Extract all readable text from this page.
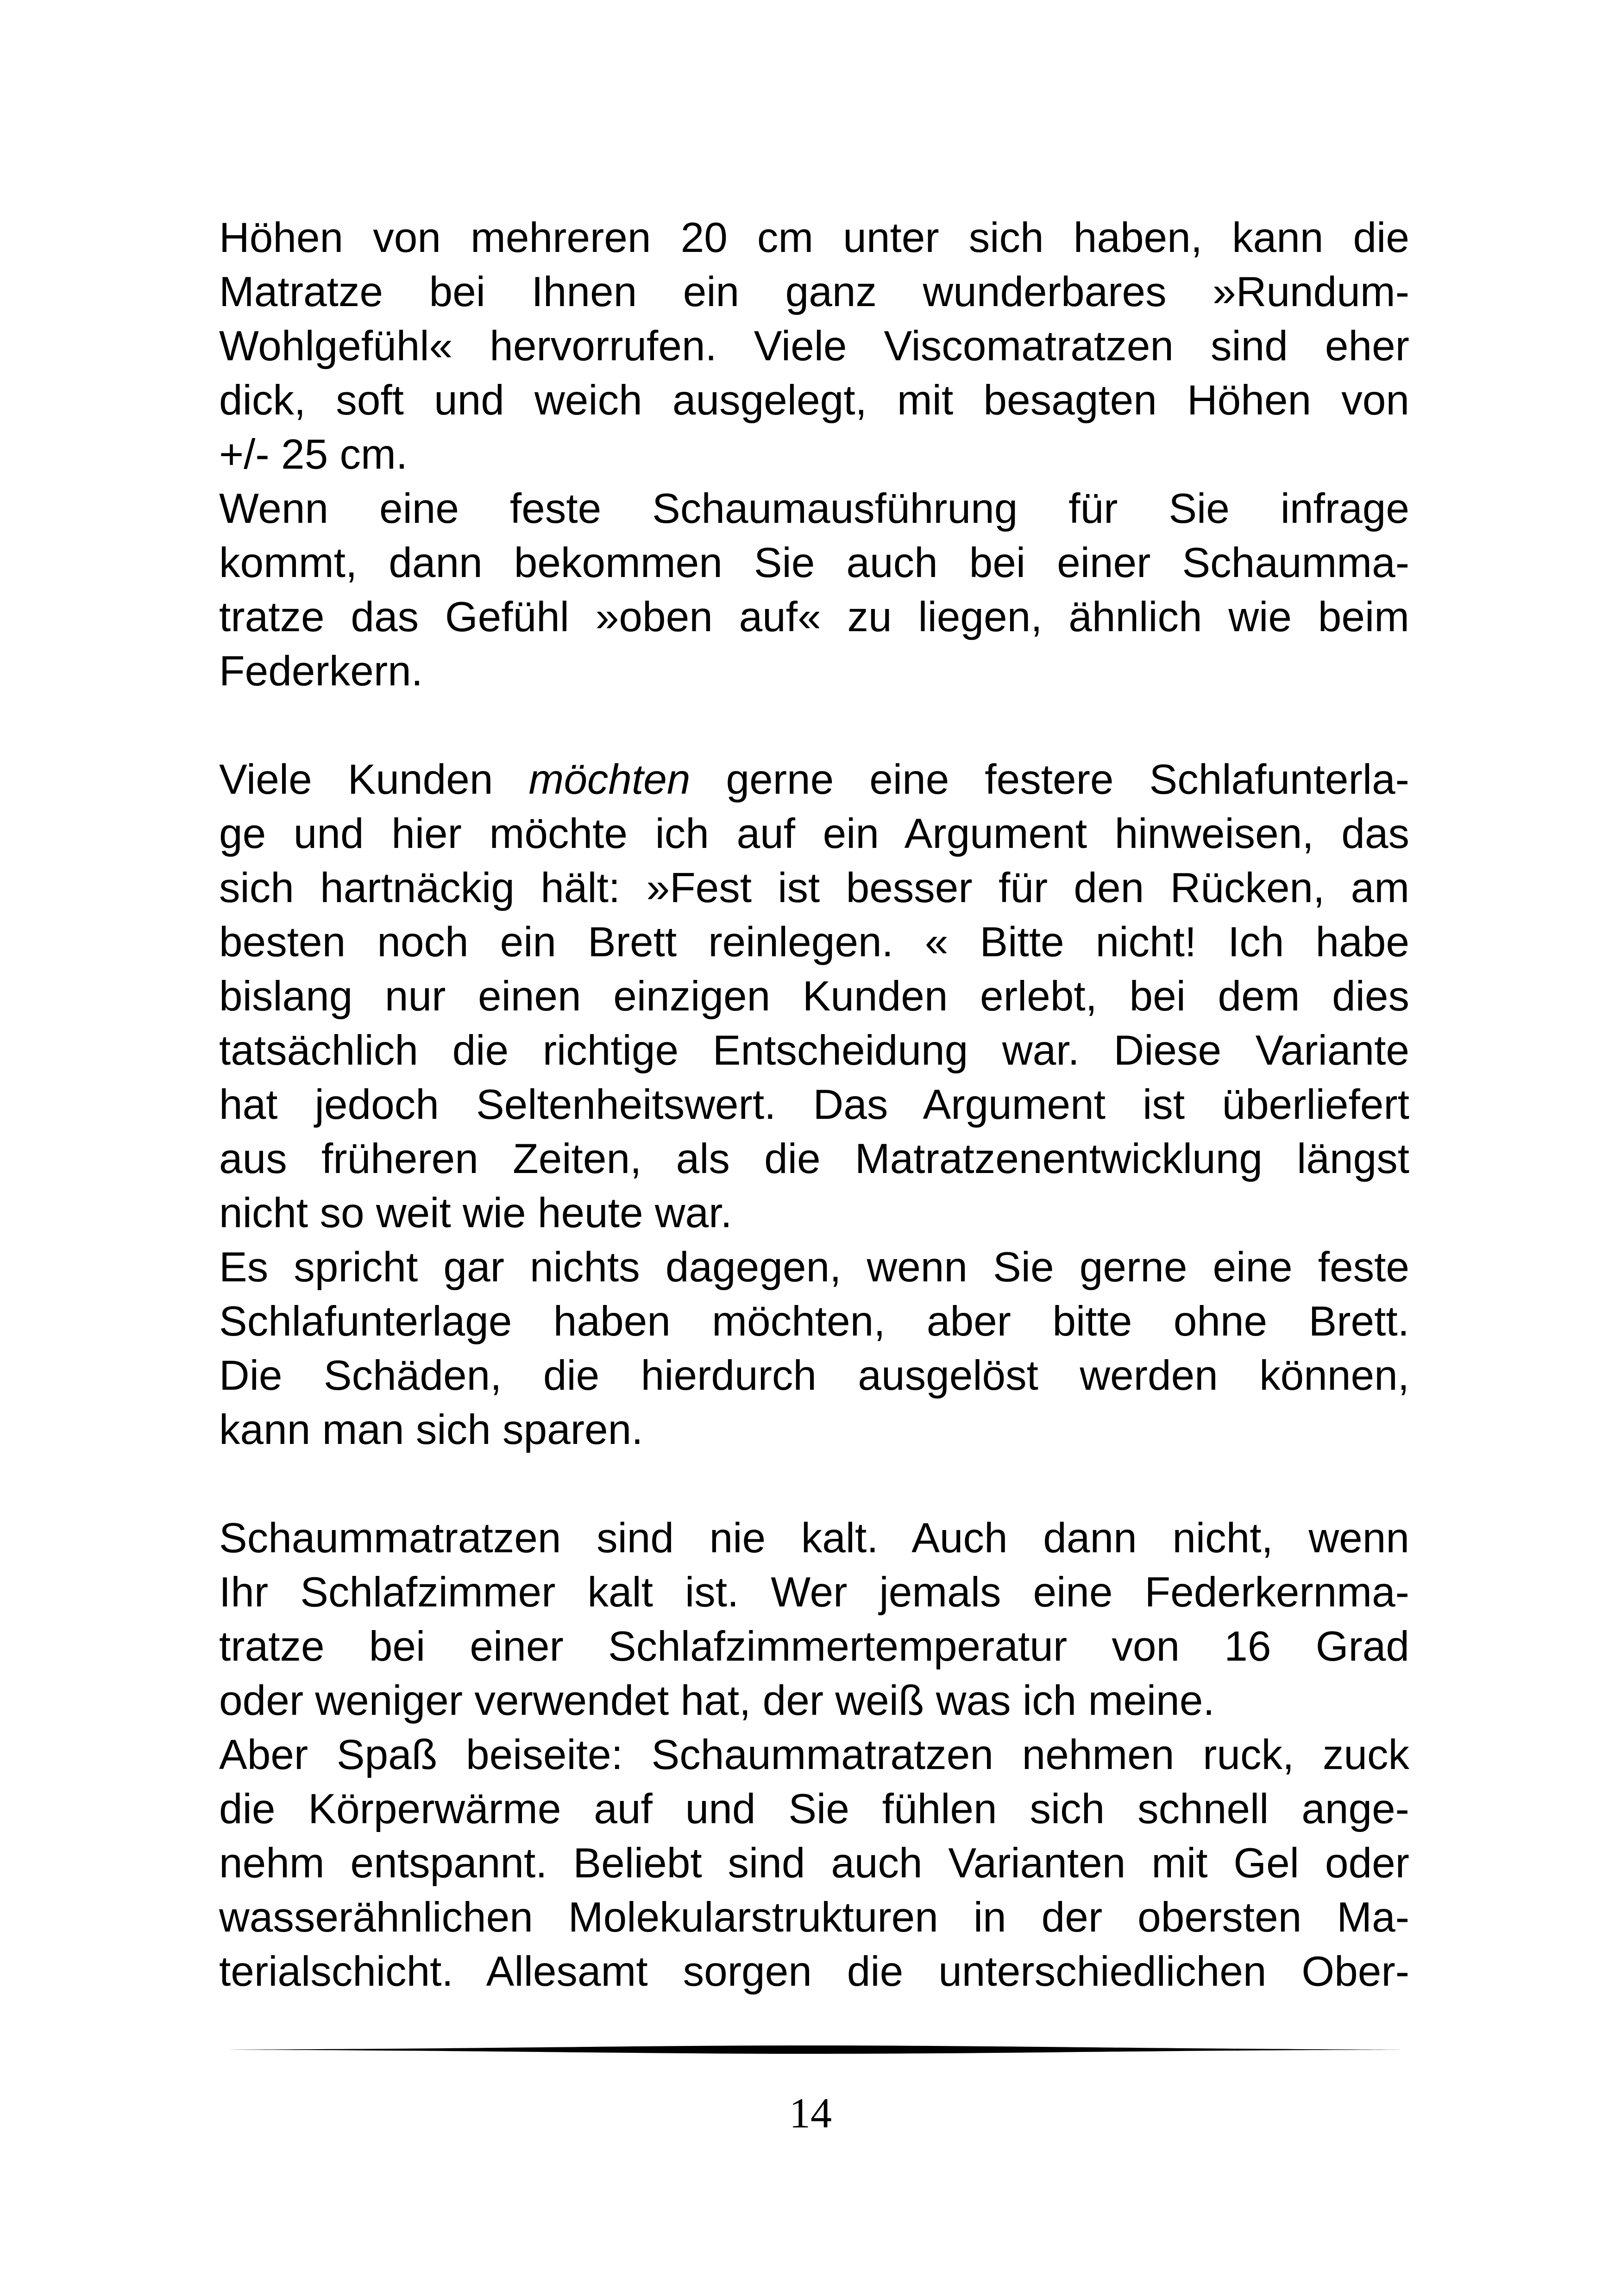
Höhen von mehreren 20 cm unter sich haben, kann die
Matratze bei Ihnen ein ganz wunderbares »Rundum-
Wohlgefühl« hervorrufen. Viele Viscomatratzen sind eher
dick, soft und weich ausgelegt, mit besagten Höhen von
+/- 25 cm.
Wenn eine feste Schaumausführung für Sie infrage
kommt, dann bekommen Sie auch bei einer Schaumma-
tratze das Gefühl »oben auf« zu liegen, ähnlich wie beim
Federkern.
Viele Kunden möchten gerne eine festere Schlafunterla-
ge und hier möchte ich auf ein Argument hinweisen, das
sich hartnäckig hält: »Fest ist besser für den Rücken, am
besten noch ein Brett reinlegen. « Bitte nicht! Ich habe
bislang nur einen einzigen Kunden erlebt, bei dem dies
tatsächlich die richtige Entscheidung war. Diese Variante
hat jedoch Seltenheitswert. Das Argument ist überliefert
aus früheren Zeiten, als die Matratzenentwicklung längst
nicht so weit wie heute war.
Es spricht gar nichts dagegen, wenn Sie gerne eine feste
Schlafunterlage haben möchten, aber bitte ohne Brett.
Die Schäden, die hierdurch ausgelöst werden können,
kann man sich sparen.
Schaummatratzen sind nie kalt. Auch dann nicht, wenn
Ihr Schlafzimmer kalt ist. Wer jemals eine Federkernma-
tratze bei einer Schlafzimmertemperatur von 16 Grad
oder weniger verwendet hat, der weiß was ich meine.
Aber Spaß beiseite: Schaummatratzen nehmen ruck, zuck
die Körperwärme auf und Sie fühlen sich schnell ange-
nehm entspannt. Beliebt sind auch Varianten mit Gel oder
wasserähnlichen Molekularstrukturen in der obersten Ma-
terialschicht. Allesamt sorgen die unterschiedlichen Ober-
14
